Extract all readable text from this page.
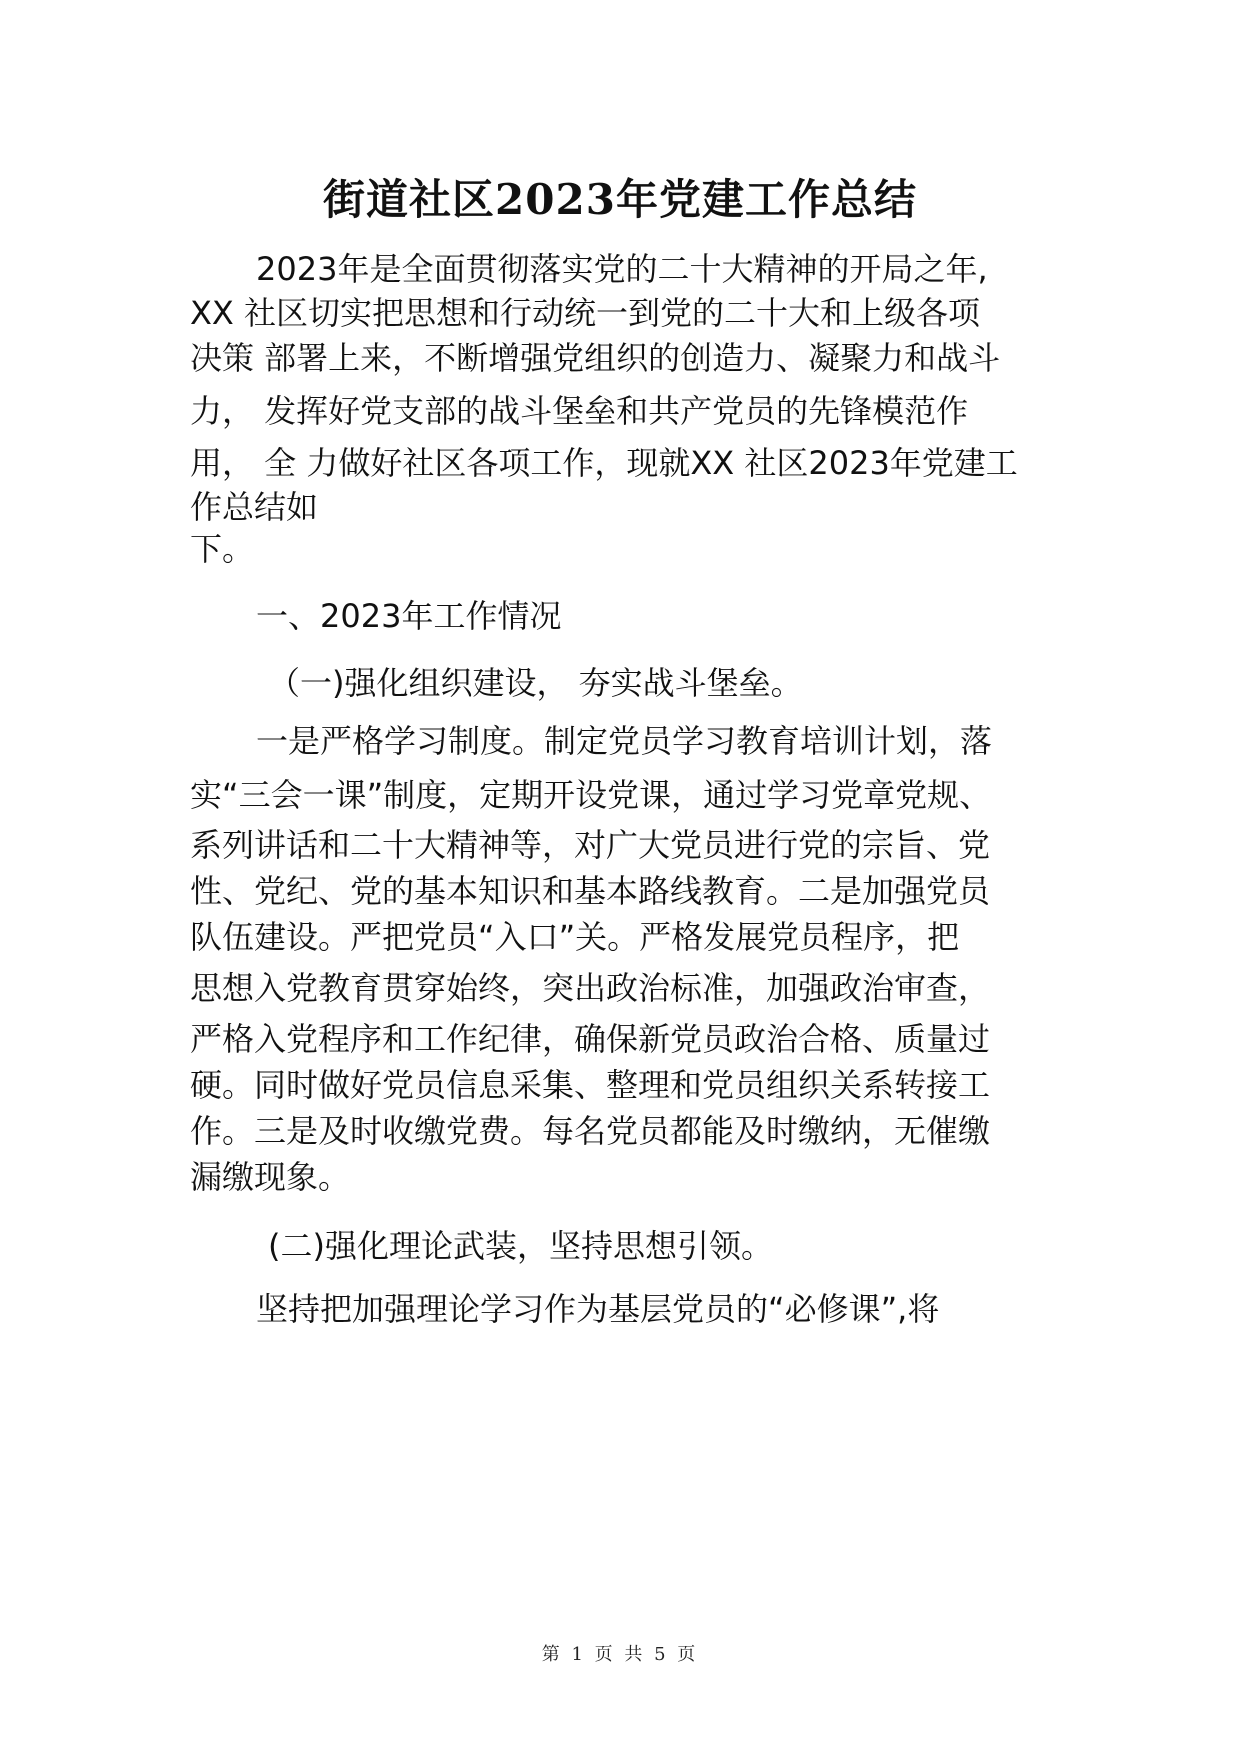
街道社区2023年党建工作总结
2023年是全面贯彻落实党的二十大精神的开局之年,
XX 社区切实把思想和行动统一到党的二十大和上级各项
决策 部署上来，不断增强党组织的创造力、凝聚力和战斗
力， 发挥好党支部的战斗堡垒和共产党员的先锋模范作
用， 全 力做好社区各项工作，现就XX 社区2023年党建工
作总结如
下。
一、2023年工作情况
（一)强化组织建设， 夯实战斗堡垒。
一是严格学习制度。制定党员学习教育培训计划，落
实“三会一课”制度，定期开设党课，通过学习党章党规、
系列讲话和二十大精神等，对广大党员进行党的宗旨、党
性、党纪、党的基本知识和基本路线教育。二是加强党员
队伍建设。严把党员“入口”关。严格发展党员程序，把
思想入党教育贯穿始终，突出政治标准，加强政治审查，
严格入党程序和工作纪律，确保新党员政治合格、质量过
硬。同时做好党员信息采集、整理和党员组织关系转接工
作。三是及时收缴党费。每名党员都能及时缴纳，无催缴
漏缴现象。
(二)强化理论武装，坚持思想引领。
坚持把加强理论学习作为基层党员的“必修课”,将
第 1 页 共 5 页
